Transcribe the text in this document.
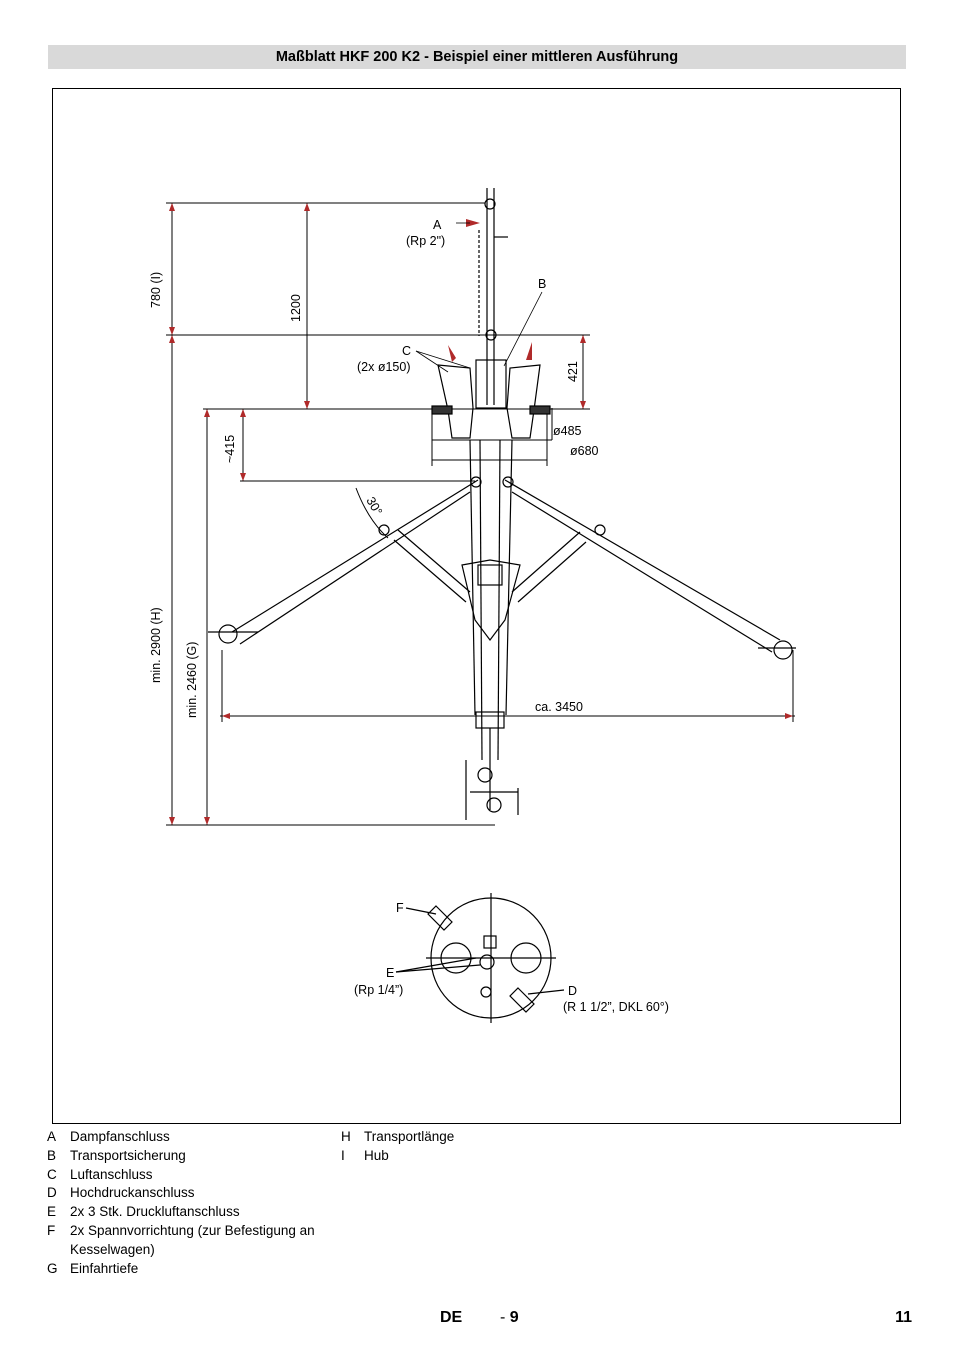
Maßblatt HKF 200 K2 - Beispiel einer mittleren Ausführung
780 (I)
1200
421
~415
ø485
ø680
min. 2900 (H) min. 2460 (G)	ca. 3450
30°
A
(Rp 2")
B
C
(2x ø150)
F
E
(Rp 1/4”)	D
(R 1 1/2”, DKL 60°)
A	Dampfanschluss
B	Transportsicherung
C Luftanschluss
D Hochdruckanschluss
E	2x 3 Stk. Druckluftanschluss
F	2x Spannvorrichtung (zur Befestigung an Kesselwagen)
G Einfahrtiefe
H Transportlänge
I	Hub
DE - 9	11
